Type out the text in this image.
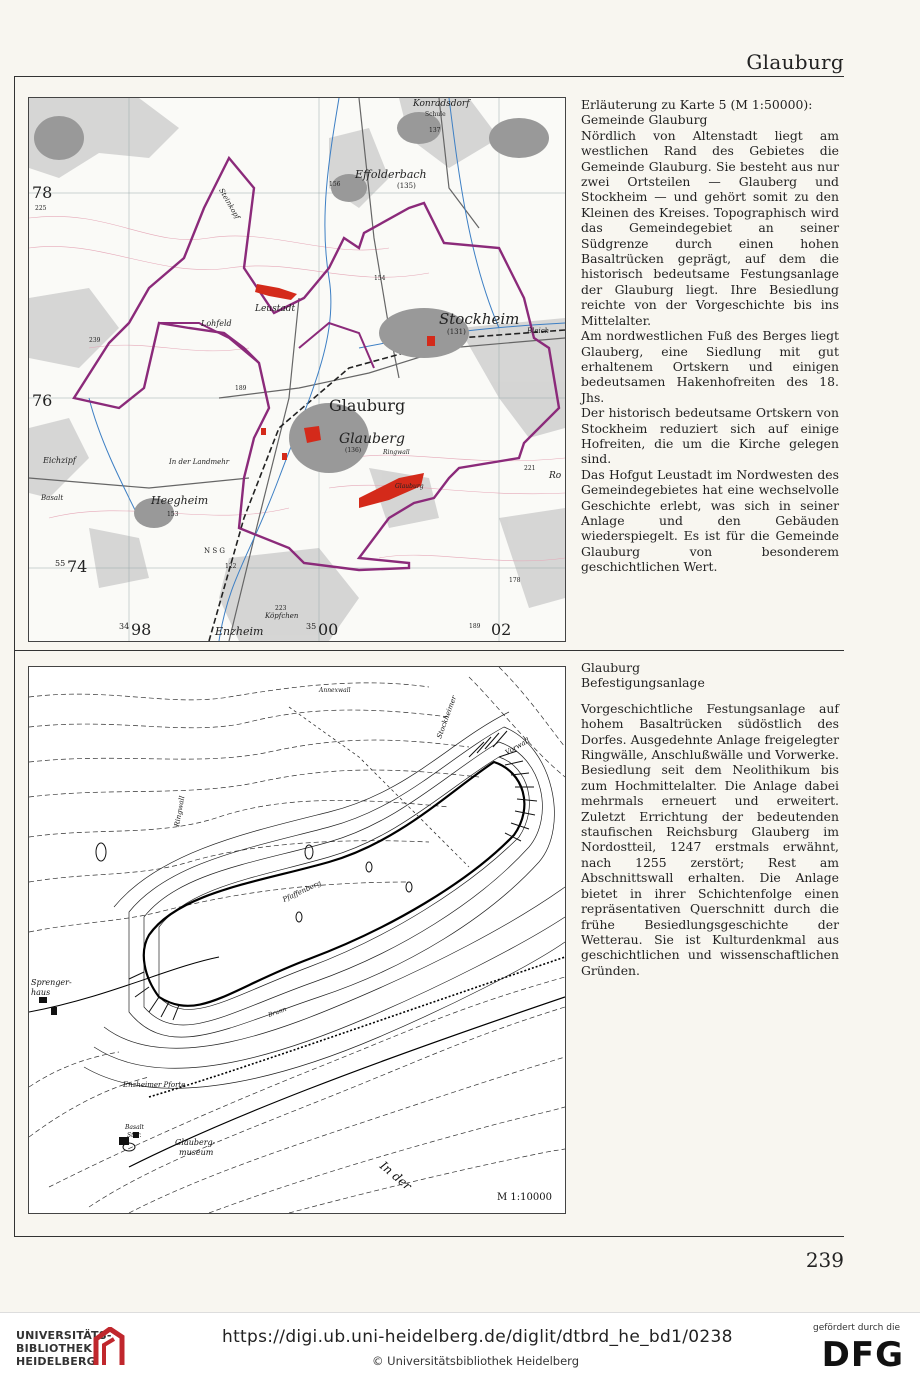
Glauburg
Konradsdorf
Schule
Effolderbach
(135)
Leustadt
Lohfeld	Stockheim
(131)
Glauburg
Glauberg
(136)	Ringwall
Glauburg
In der Landmehr
Eichzipf
Basalt	Heegheim
153
Enzheim
N S G
Steinkopf
Köpfchen
Ro
Bleich
78
76
55 74
34 98	35 00	02
225
239
189
221
156
154
137
223
122
178
189

Erläuterung zu Karte 5 (M 1:50000):

Gemeinde Glauburg

Nördlich von Altenstadt liegt am westlichen Rand des Gebietes die Gemeinde Glauburg. Sie besteht aus nur zwei Ortsteilen — Glauberg und Stockheim — und gehört somit zu den Kleinen des Kreises. Topographisch wird das Gemeindegebiet an seiner Südgrenze durch einen hohen Basaltrücken geprägt, auf dem die historisch bedeutsame Festungsanlage der Glauburg liegt. Ihre Besiedlung reichte von der Vorgeschichte bis ins Mittelalter.

Am nordwestlichen Fuß des Berges liegt Glauberg, eine Siedlung mit gut erhaltenem Ortskern und einigen bedeutsamen Hakenhofreiten des 18. Jhs.

Der historisch bedeutsame Ortskern von Stockheim reduziert sich auf einige Hofreiten, die um die Kirche gelegen sind.

Das Hofgut Leustadt im Nordwesten des Gemeindegebietes hat eine wechselvolle Geschichte erlebt, was sich in seiner Anlage und den Gebäuden wiederspiegelt. Es ist für die Gemeinde Glauburg von besonderem geschichtlichen Wert.

M 1:10000
Sprenger-
haus
Enzheimer Pforte
Glauberg-
museum
Basalt
Stbr.
In der
Vorwall
Stockheimer
Ringwall
Annexwall
Pfaffenberg
Brunn

Glauburg

Befestigungsanlage

Vorgeschichtliche Festungsanlage auf hohem Basaltrücken südöstlich des Dorfes. Ausgedehnte Anlage freigelegter Ringwälle, Anschlußwälle und Vorwerke. Besiedlung seit dem Neolithikum bis zum Hochmittelalter. Die Anlage dabei mehrmals erneuert und erweitert. Zuletzt Errichtung der bedeutenden staufischen Reichsburg Glauberg im Nordostteil, 1247 erstmals erwähnt, nach 1255 zerstört; Rest am Abschnittswall erhalten. Die Anlage bietet in ihrer Schichtenfolge einen repräsentativen Querschnitt durch die frühe Besiedlungsgeschichte der Wetterau. Sie ist Kulturdenkmal aus geschichtlichen und wissenschaftlichen Gründen.

239
UNIVERSITÄTS-
BIBLIOTHEK
HEIDELBERG
https://digi.ub.uni-heidelberg.de/diglit/dtbrd_he_bd1/0238
© Universitätsbibliothek Heidelberg
gefördert durch die
DFG
